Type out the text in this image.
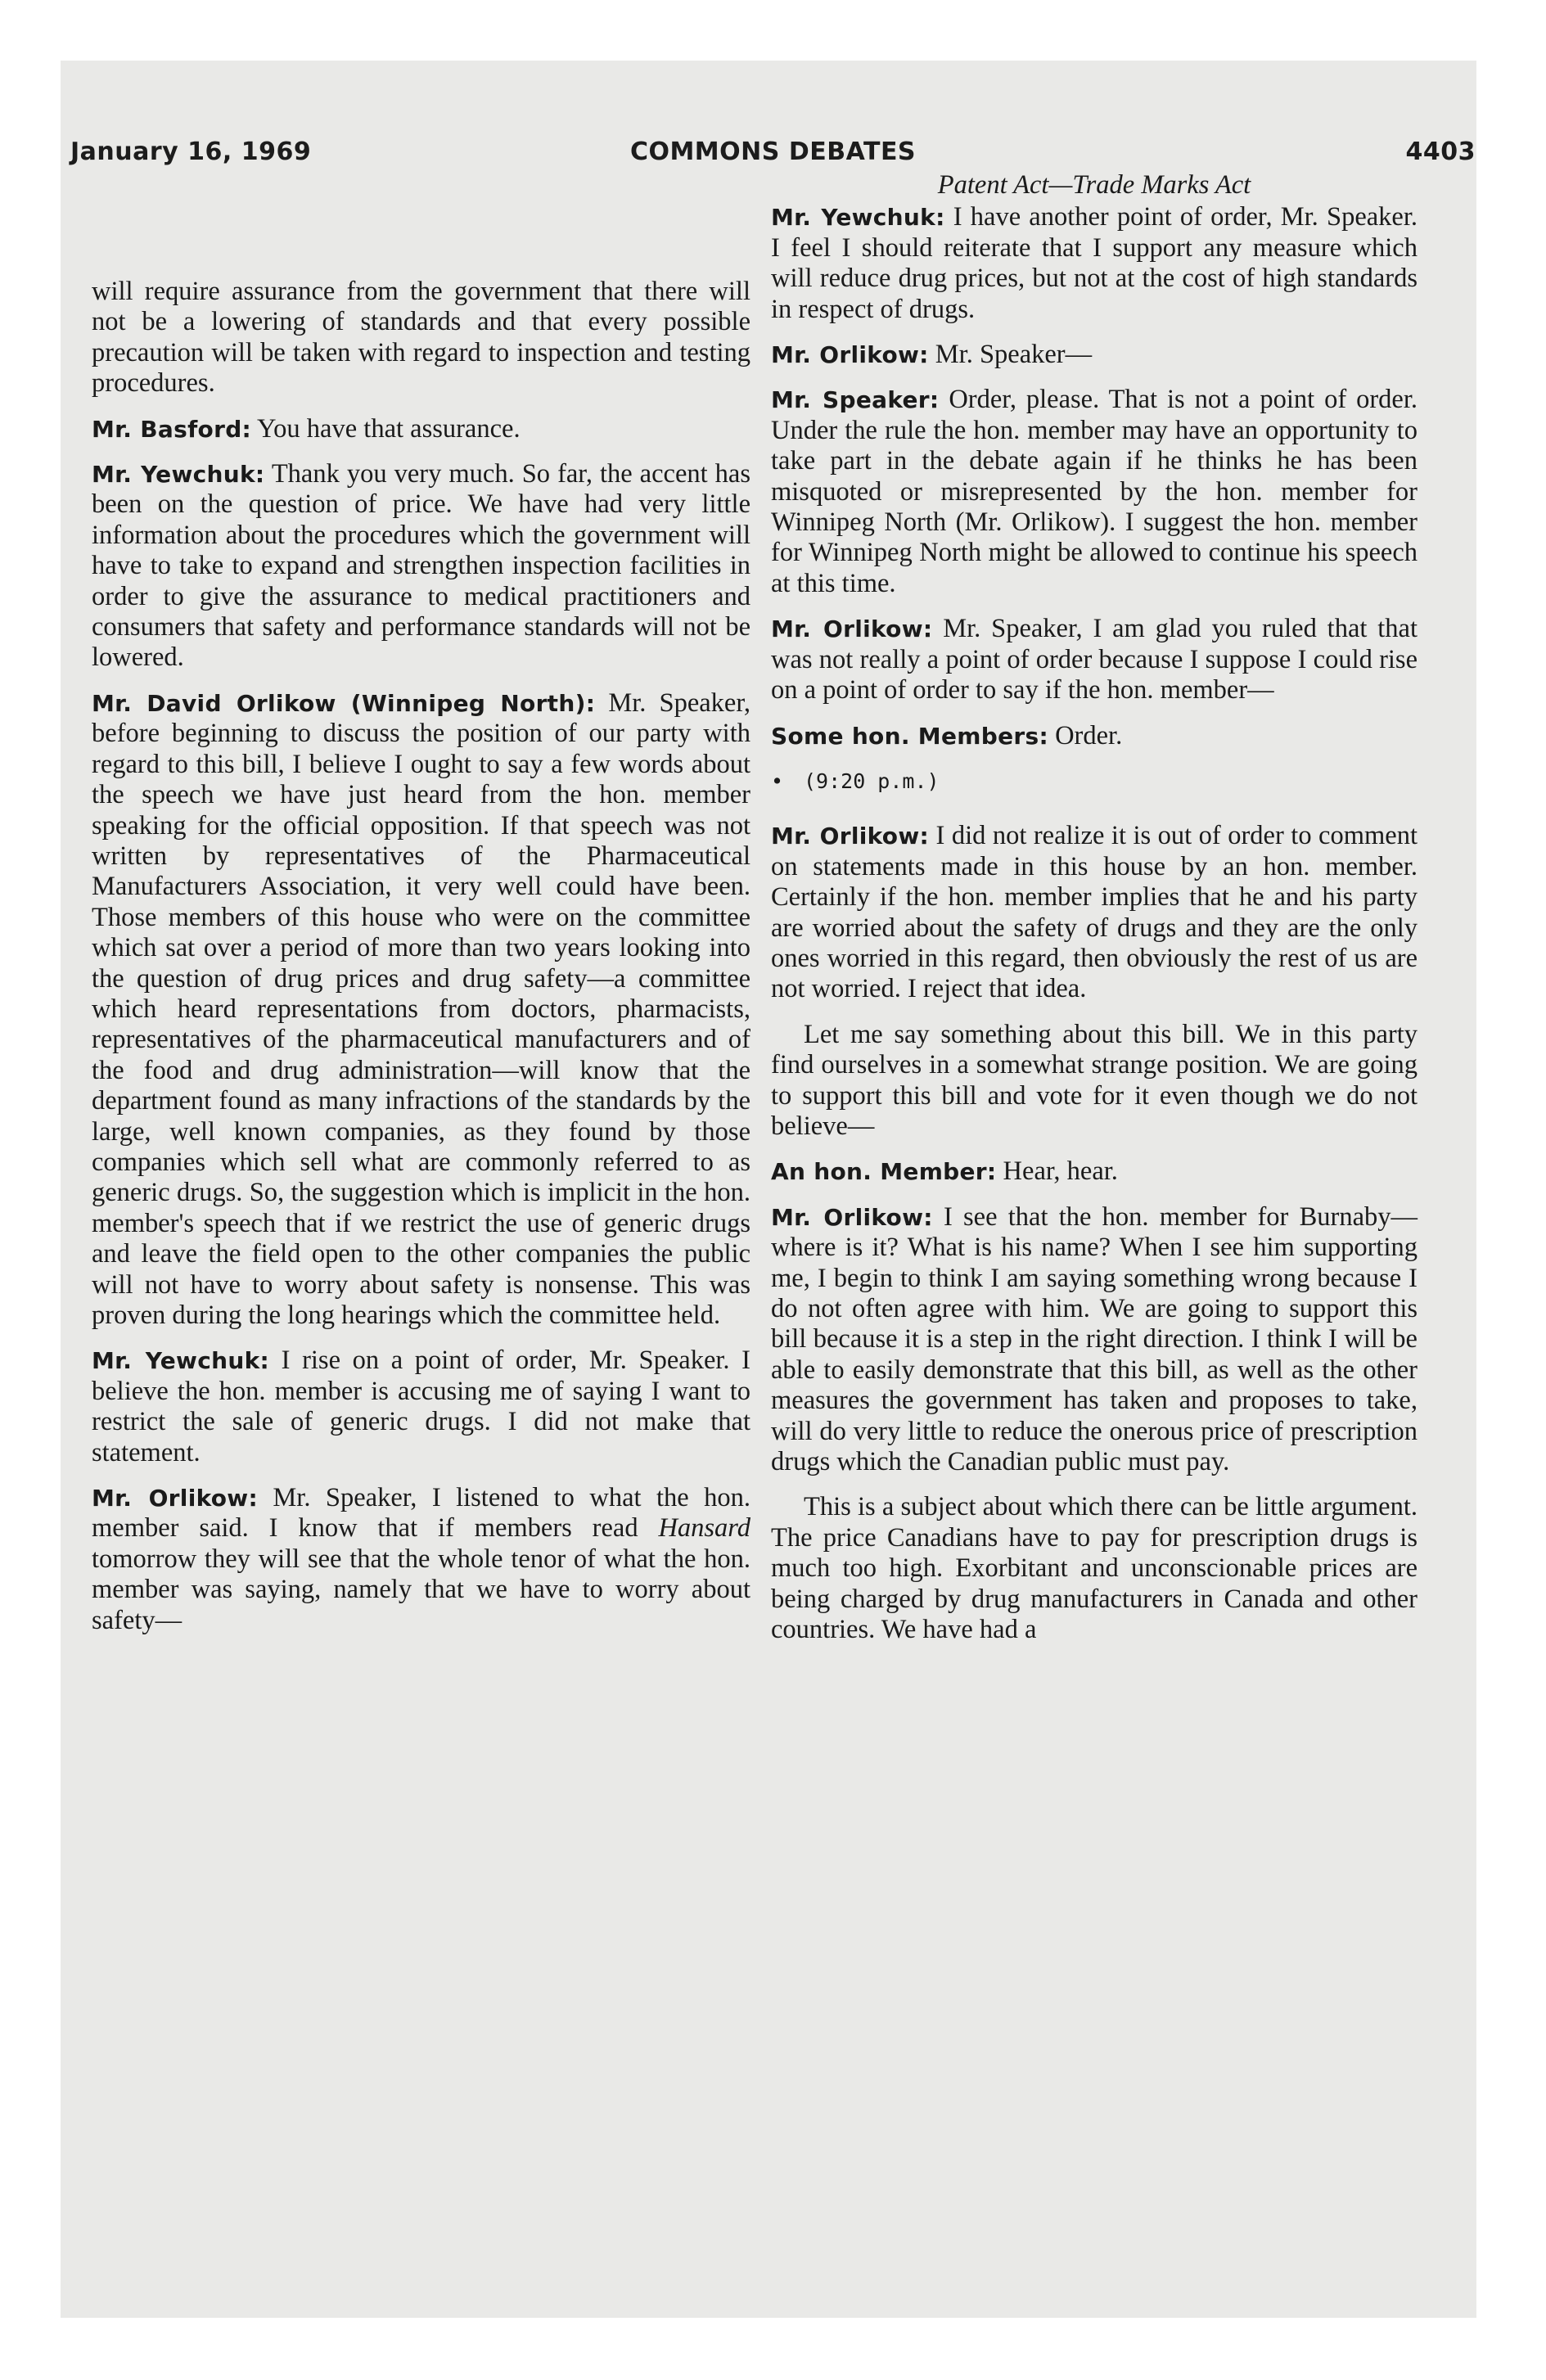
January 16, 1969	COMMONS DEBATES	4403

will require assurance from the government that there will not be a lowering of standards and that every possible precaution will be taken with regard to inspection and testing procedures.

Mr. Basford: You have that assurance.

Mr. Yewchuk: Thank you very much. So far, the accent has been on the question of price. We have had very little information about the procedures which the government will have to take to expand and strengthen inspection facilities in order to give the assurance to medical practitioners and consumers that safety and performance standards will not be lowered.

Mr. David Orlikow (Winnipeg North): Mr. Speaker, before beginning to discuss the position of our party with regard to this bill, I believe I ought to say a few words about the speech we have just heard from the hon. member speaking for the official opposition. If that speech was not written by representatives of the Pharmaceutical Manufacturers Association, it very well could have been. Those members of this house who were on the committee which sat over a period of more than two years looking into the question of drug prices and drug safety—a committee which heard representations from doctors, pharmacists, representatives of the pharmaceutical manufacturers and of the food and drug administration—will know that the department found as many infractions of the standards by the large, well known companies, as they found by those companies which sell what are commonly referred to as generic drugs. So, the suggestion which is implicit in the hon. member's speech that if we restrict the use of generic drugs and leave the field open to the other companies the public will not have to worry about safety is nonsense. This was proven during the long hearings which the committee held.

Mr. Yewchuk: I rise on a point of order, Mr. Speaker. I believe the hon. member is accusing me of saying I want to restrict the sale of generic drugs. I did not make that statement.

Mr. Orlikow: Mr. Speaker, I listened to what the hon. member said. I know that if members read Hansard tomorrow they will see that the whole tenor of what the hon. member was saying, namely that we have to worry about safety—

Patent Act—Trade Marks Act

Mr. Yewchuk: I have another point of order, Mr. Speaker. I feel I should reiterate that I support any measure which will reduce drug prices, but not at the cost of high standards in respect of drugs.

Mr. Orlikow: Mr. Speaker—

Mr. Speaker: Order, please. That is not a point of order. Under the rule the hon. member may have an opportunity to take part in the debate again if he thinks he has been misquoted or misrepresented by the hon. member for Winnipeg North (Mr. Orlikow). I suggest the hon. member for Winnipeg North might be allowed to continue his speech at this time.

Mr. Orlikow: Mr. Speaker, I am glad you ruled that that was not really a point of order because I suppose I could rise on a point of order to say if the hon. member—

Some hon. Members: Order.

• (9:20 p.m.)

Mr. Orlikow: I did not realize it is out of order to comment on statements made in this house by an hon. member. Certainly if the hon. member implies that he and his party are worried about the safety of drugs and they are the only ones worried in this regard, then obviously the rest of us are not worried. I reject that idea.

Let me say something about this bill. We in this party find ourselves in a somewhat strange position. We are going to support this bill and vote for it even though we do not believe—

An hon. Member: Hear, hear.

Mr. Orlikow: I see that the hon. member for Burnaby—where is it? What is his name? When I see him supporting me, I begin to think I am saying something wrong because I do not often agree with him. We are going to support this bill because it is a step in the right direction. I think I will be able to easily demonstrate that this bill, as well as the other measures the government has taken and proposes to take, will do very little to reduce the onerous price of prescription drugs which the Canadian public must pay.

This is a subject about which there can be little argument. The price Canadians have to pay for prescription drugs is much too high. Exorbitant and unconscionable prices are being charged by drug manufacturers in Canada and other countries. We have had a
